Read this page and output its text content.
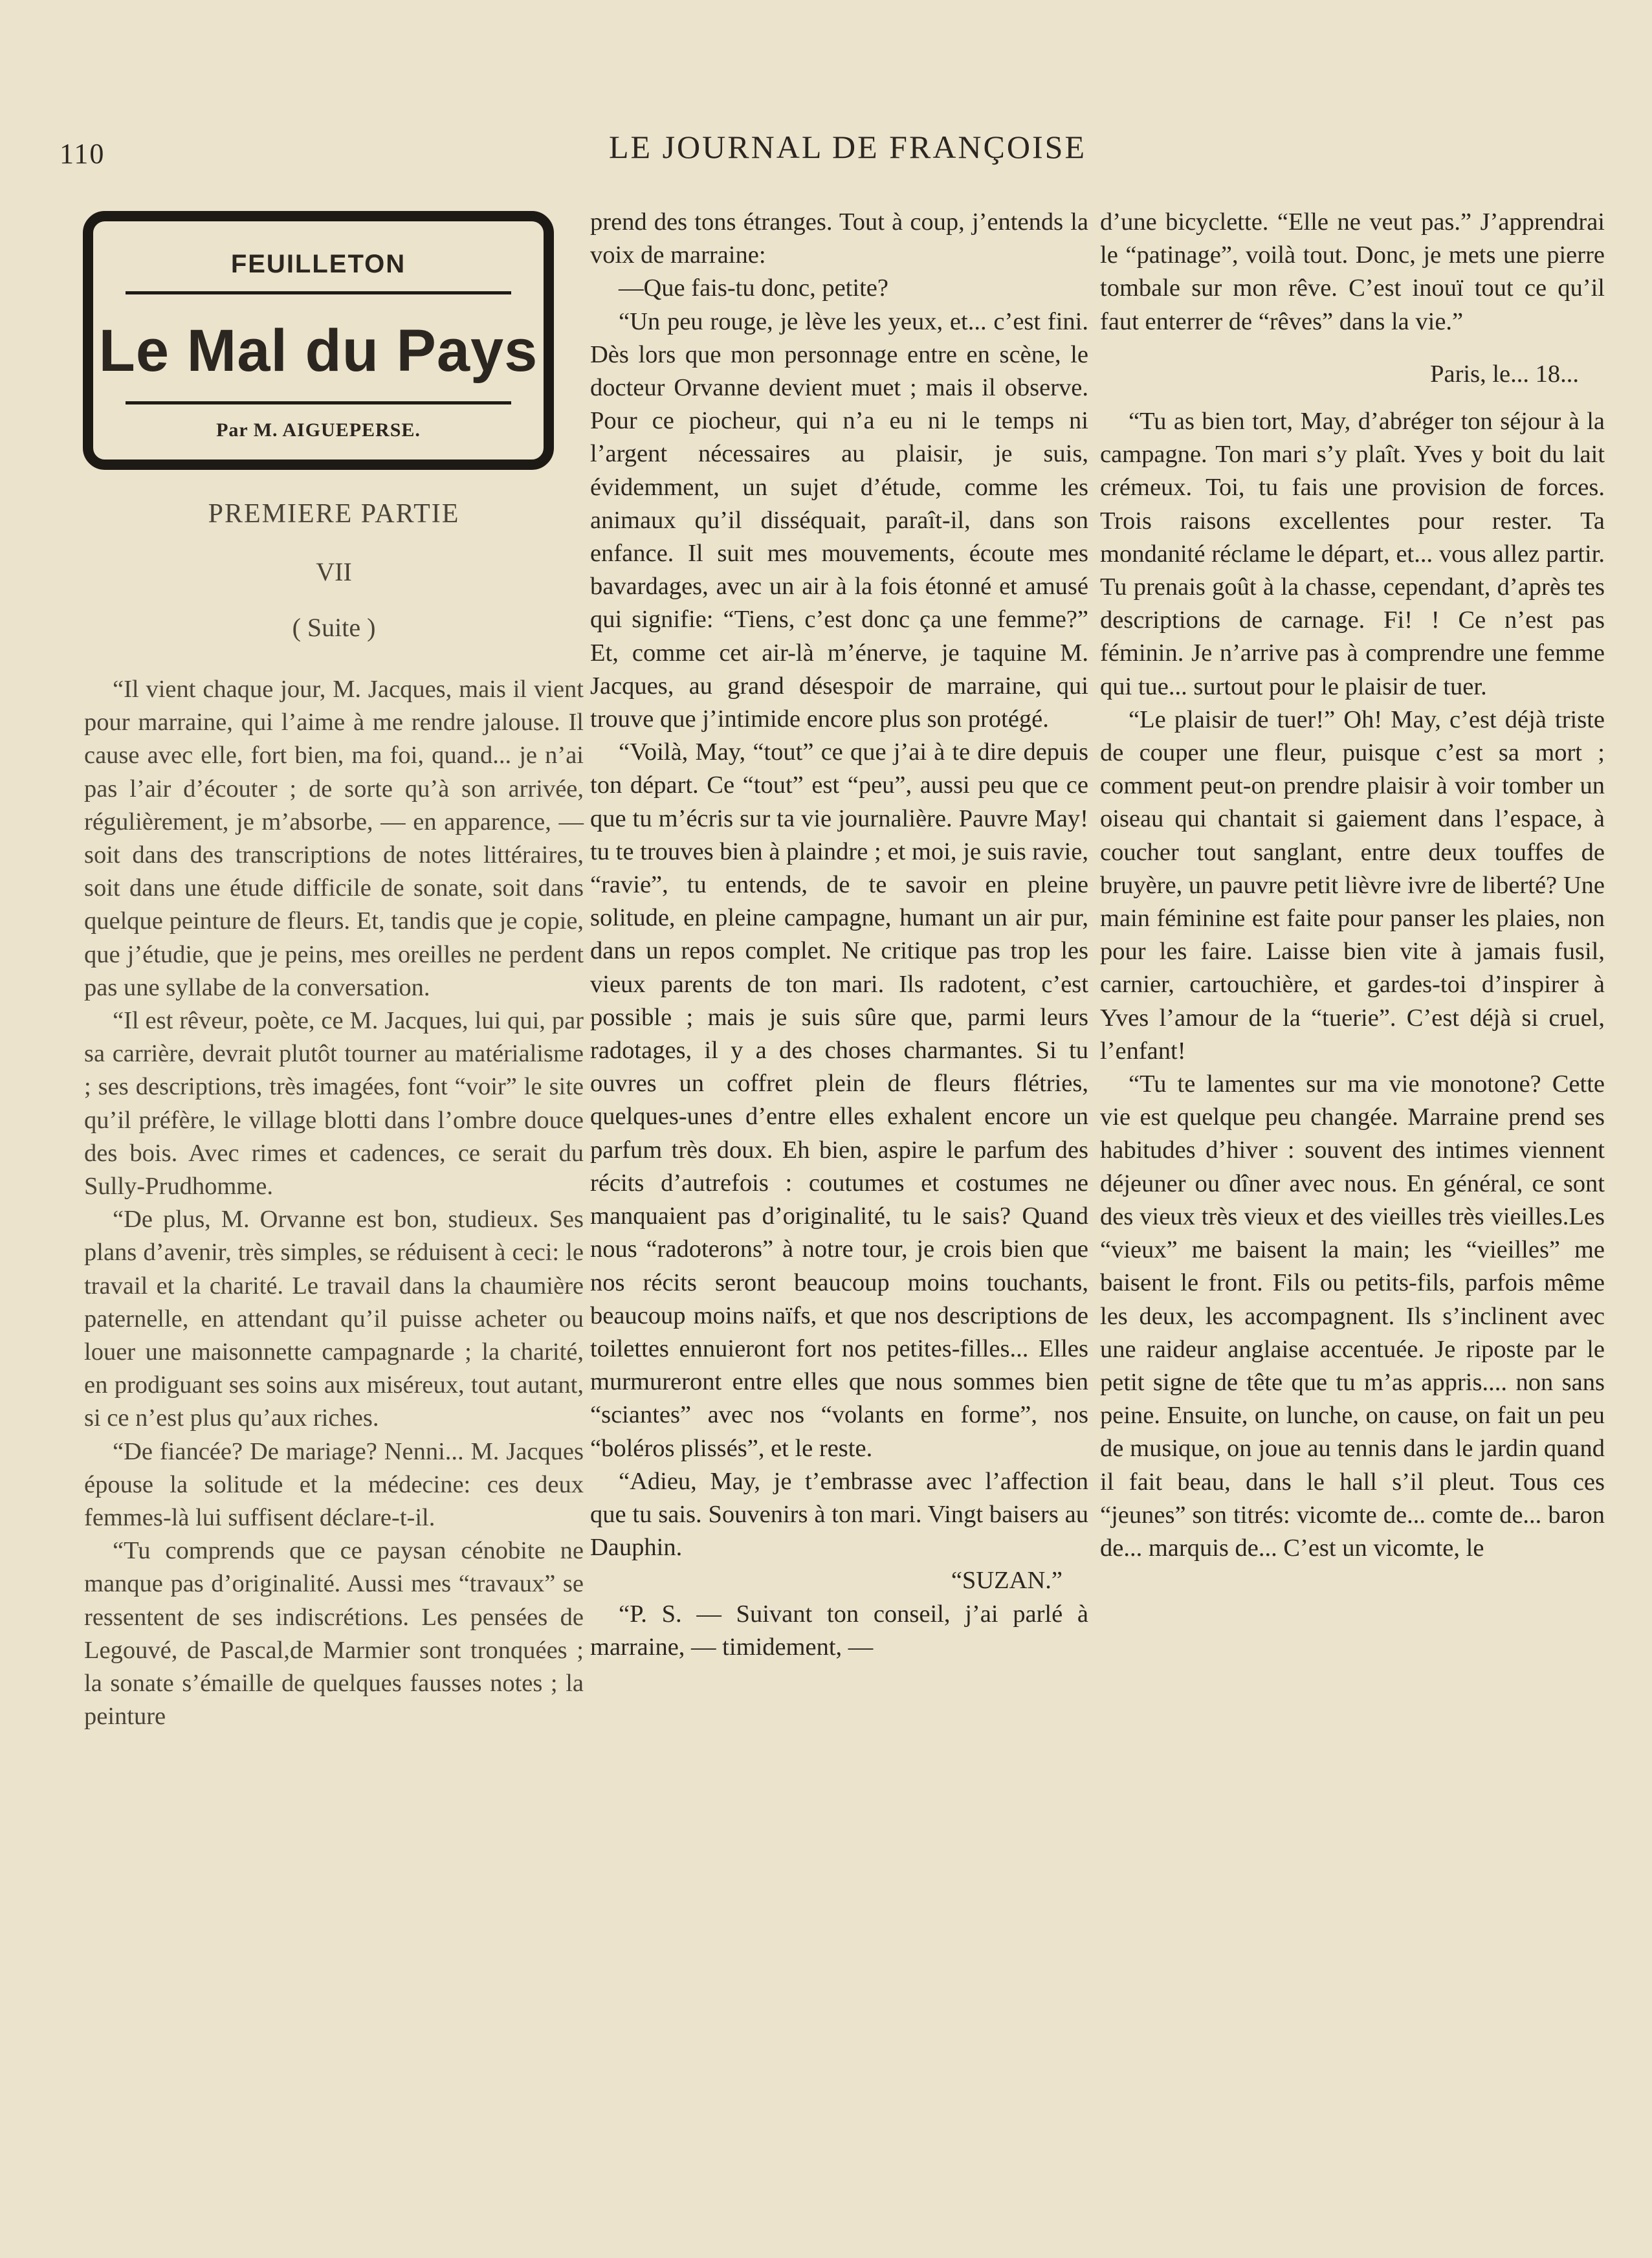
110	LE JOURNAL DE FRANÇOISE
FEUILLETON
Le Mal du Pays
Par M. AIGUEPERSE.
PREMIERE PARTIE
VII
( Suite )

“Il vient chaque jour, M. Jacques, mais il vient pour marraine, qui l’aime à me rendre jalouse. Il cause avec elle, fort bien, ma foi, quand... je n’ai pas l’air d’écouter ; de sorte qu’à son arrivée, régulièrement, je m’absorbe, — en apparence, — soit dans des transcriptions de notes littéraires, soit dans une étude difficile de sonate, soit dans quelque peinture de fleurs. Et, tandis que je copie, que j’étudie, que je peins, mes oreilles ne perdent pas une syllabe de la conversation.

“Il est rêveur, poète, ce M. Jacques, lui qui, par sa carrière, devrait plutôt tourner au matérialisme ; ses descriptions, très imagées, font “voir” le site qu’il préfère, le village blotti dans l’ombre douce des bois. Avec rimes et cadences, ce serait du Sully-Prudhomme.

“De plus, M. Orvanne est bon, studieux. Ses plans d’avenir, très simples, se réduisent à ceci: le travail et la charité. Le travail dans la chaumière paternelle, en attendant qu’il puisse acheter ou louer une maisonnette campagnarde ; la charité, en prodiguant ses soins aux miséreux, tout autant, si ce n’est plus qu’aux riches.

“De fiancée? De mariage? Nenni... M. Jacques épouse la solitude et la médecine: ces deux femmes-là lui suffisent déclare-t-il.

“Tu comprends que ce paysan cénobite ne manque pas d’originalité. Aussi mes “travaux” se ressentent de ses indiscrétions. Les pensées de Legouvé, de Pascal,de Marmier sont tronquées ; la sonate s’émaille de quelques fausses notes ; la peinture

prend des tons étranges. Tout à coup, j’entends la voix de marraine:

—Que fais-tu donc, petite?

“Un peu rouge, je lève les yeux, et... c’est fini. Dès lors que mon personnage entre en scène, le docteur Orvanne devient muet ; mais il observe. Pour ce piocheur, qui n’a eu ni le temps ni l’argent nécessaires au plaisir, je suis, évidemment, un sujet d’étude, comme les animaux qu’il disséquait, paraît-il, dans son enfance. Il suit mes mouvements, écoute mes bavardages, avec un air à la fois étonné et amusé qui signifie: “Tiens, c’est donc ça une femme?” Et, comme cet air-là m’énerve, je taquine M. Jacques, au grand désespoir de marraine, qui trouve que j’intimide encore plus son protégé.

“Voilà, May, “tout” ce que j’ai à te dire depuis ton départ. Ce “tout” est “peu”, aussi peu que ce que tu m’écris sur ta vie journalière. Pauvre May! tu te trouves bien à plaindre ; et moi, je suis ravie, “ravie”, tu entends, de te savoir en pleine solitude, en pleine campagne, humant un air pur, dans un repos complet. Ne critique pas trop les vieux parents de ton mari. Ils radotent, c’est possible ; mais je suis sûre que, parmi leurs radotages, il y a des choses charmantes. Si tu ouvres un coffret plein de fleurs flétries, quelques-unes d’entre elles exhalent encore un parfum très doux. Eh bien, aspire le parfum des récits d’autrefois : coutumes et costumes ne manquaient pas d’originalité, tu le sais? Quand nous “radoterons” à notre tour, je crois bien que nos récits seront beaucoup moins touchants, beaucoup moins naïfs, et que nos descriptions de toilettes ennuieront fort nos petites-filles... Elles murmureront entre elles que nous sommes bien “sciantes” avec nos “volants en forme”, nos “boléros plissés”, et le reste.

“Adieu, May, je t’embrasse avec l’affection que tu sais. Souvenirs à ton mari. Vingt baisers au Dauphin.

“SUZAN.”

“P. S. — Suivant ton conseil, j’ai parlé à marraine, — timidement, —

d’une bicyclette. “Elle ne veut pas.” J’apprendrai le “patinage”, voilà tout. Donc, je mets une pierre tombale sur mon rêve. C’est inouï tout ce qu’il faut enterrer de “rêves” dans la vie.”

Paris, le... 18...

“Tu as bien tort, May, d’abréger ton séjour à la campagne. Ton mari s’y plaît. Yves y boit du lait crémeux. Toi, tu fais une provision de forces. Trois raisons excellentes pour rester. Ta mondanité réclame le départ, et... vous allez partir. Tu prenais goût à la chasse, cependant, d’après tes descriptions de carnage. Fi! ! Ce n’est pas féminin. Je n’arrive pas à comprendre une femme qui tue... surtout pour le plaisir de tuer.

“Le plaisir de tuer!” Oh! May, c’est déjà triste de couper une fleur, puisque c’est sa mort ; comment peut-on prendre plaisir à voir tomber un oiseau qui chantait si gaiement dans l’espace, à coucher tout sanglant, entre deux touffes de bruyère, un pauvre petit lièvre ivre de liberté? Une main féminine est faite pour panser les plaies, non pour les faire. Laisse bien vite à jamais fusil, carnier, cartouchière, et gardes-toi d’inspirer à Yves l’amour de la “tuerie”. C’est déjà si cruel, l’enfant!

“Tu te lamentes sur ma vie monotone? Cette vie est quelque peu changée. Marraine prend ses habitudes d’hiver : souvent des intimes viennent déjeuner ou dîner avec nous. En général, ce sont des vieux très vieux et des vieilles très vieilles.Les “vieux” me baisent la main; les “vieilles” me baisent le front. Fils ou petits-fils, parfois même les deux, les accompagnent. Ils s’inclinent avec une raideur anglaise accentuée. Je riposte par le petit signe de tête que tu m’as appris.... non sans peine. Ensuite, on lunche, on cause, on fait un peu de musique, on joue au tennis dans le jardin quand il fait beau, dans le hall s’il pleut. Tous ces “jeunes” son titrés: vicomte de... comte de... baron de... marquis de... C’est un vicomte, le
